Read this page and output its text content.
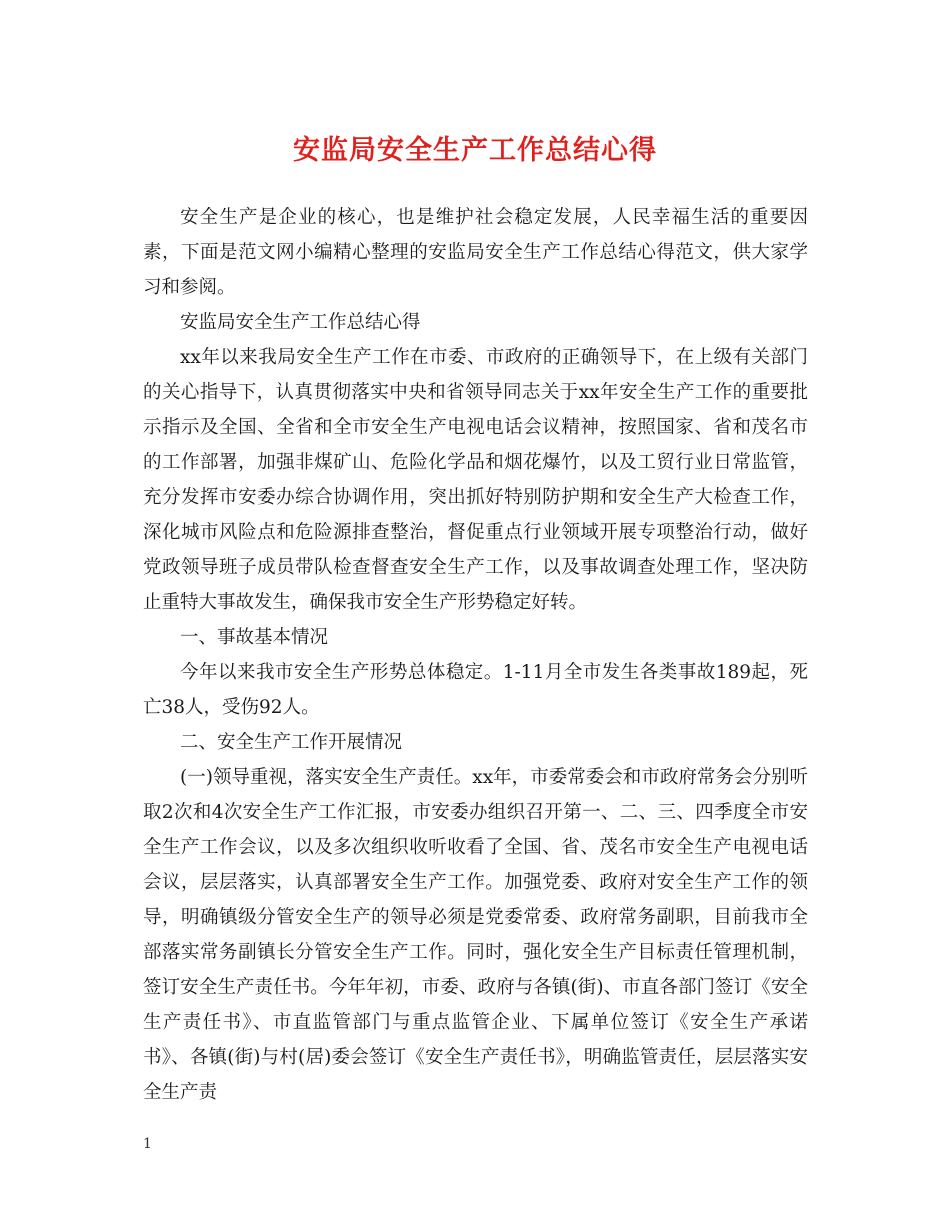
安监局安全生产工作总结心得

安全生产是企业的核心，也是维护社会稳定发展，人民幸福生活的重要因素，下面是范文网小编精心整理的安监局安全生产工作总结心得范文，供大家学习和参阅。

安监局安全生产工作总结心得

xx年以来我局安全生产工作在市委、市政府的正确领导下，在上级有关部门的关心指导下，认真贯彻落实中央和省领导同志关于xx年安全生产工作的重要批示指示及全国、全省和全市安全生产电视电话会议精神，按照国家、省和茂名市的工作部署，加强非煤矿山、危险化学品和烟花爆竹，以及工贸行业日常监管，充分发挥市安委办综合协调作用，突出抓好特别防护期和安全生产大检查工作，深化城市风险点和危险源排查整治，督促重点行业领域开展专项整治行动，做好党政领导班子成员带队检查督查安全生产工作，以及事故调查处理工作，坚决防止重特大事故发生，确保我市安全生产形势稳定好转。

一、事故基本情况

今年以来我市安全生产形势总体稳定。1-11月全市发生各类事故189起，死亡38人，受伤92人。

二、安全生产工作开展情况

(一)领导重视，落实安全生产责任。xx年，市委常委会和市政府常务会分别听取2次和4次安全生产工作汇报，市安委办组织召开第一、二、三、四季度全市安全生产工作会议，以及多次组织收听收看了全国、省、茂名市安全生产电视电话会议，层层落实，认真部署安全生产工作。加强党委、政府对安全生产工作的领导，明确镇级分管安全生产的领导必须是党委常委、政府常务副职，目前我市全部落实常务副镇长分管安全生产工作。同时，强化安全生产目标责任管理机制，签订安全生产责任书。今年年初，市委、政府与各镇(街)、市直各部门签订《安全生产责任书》、市直监管部门与重点监管企业、下属单位签订《安全生产承诺书》、各镇(街)与村(居)委会签订《安全生产责任书》，明确监管责任，层层落实安全生产责

1
